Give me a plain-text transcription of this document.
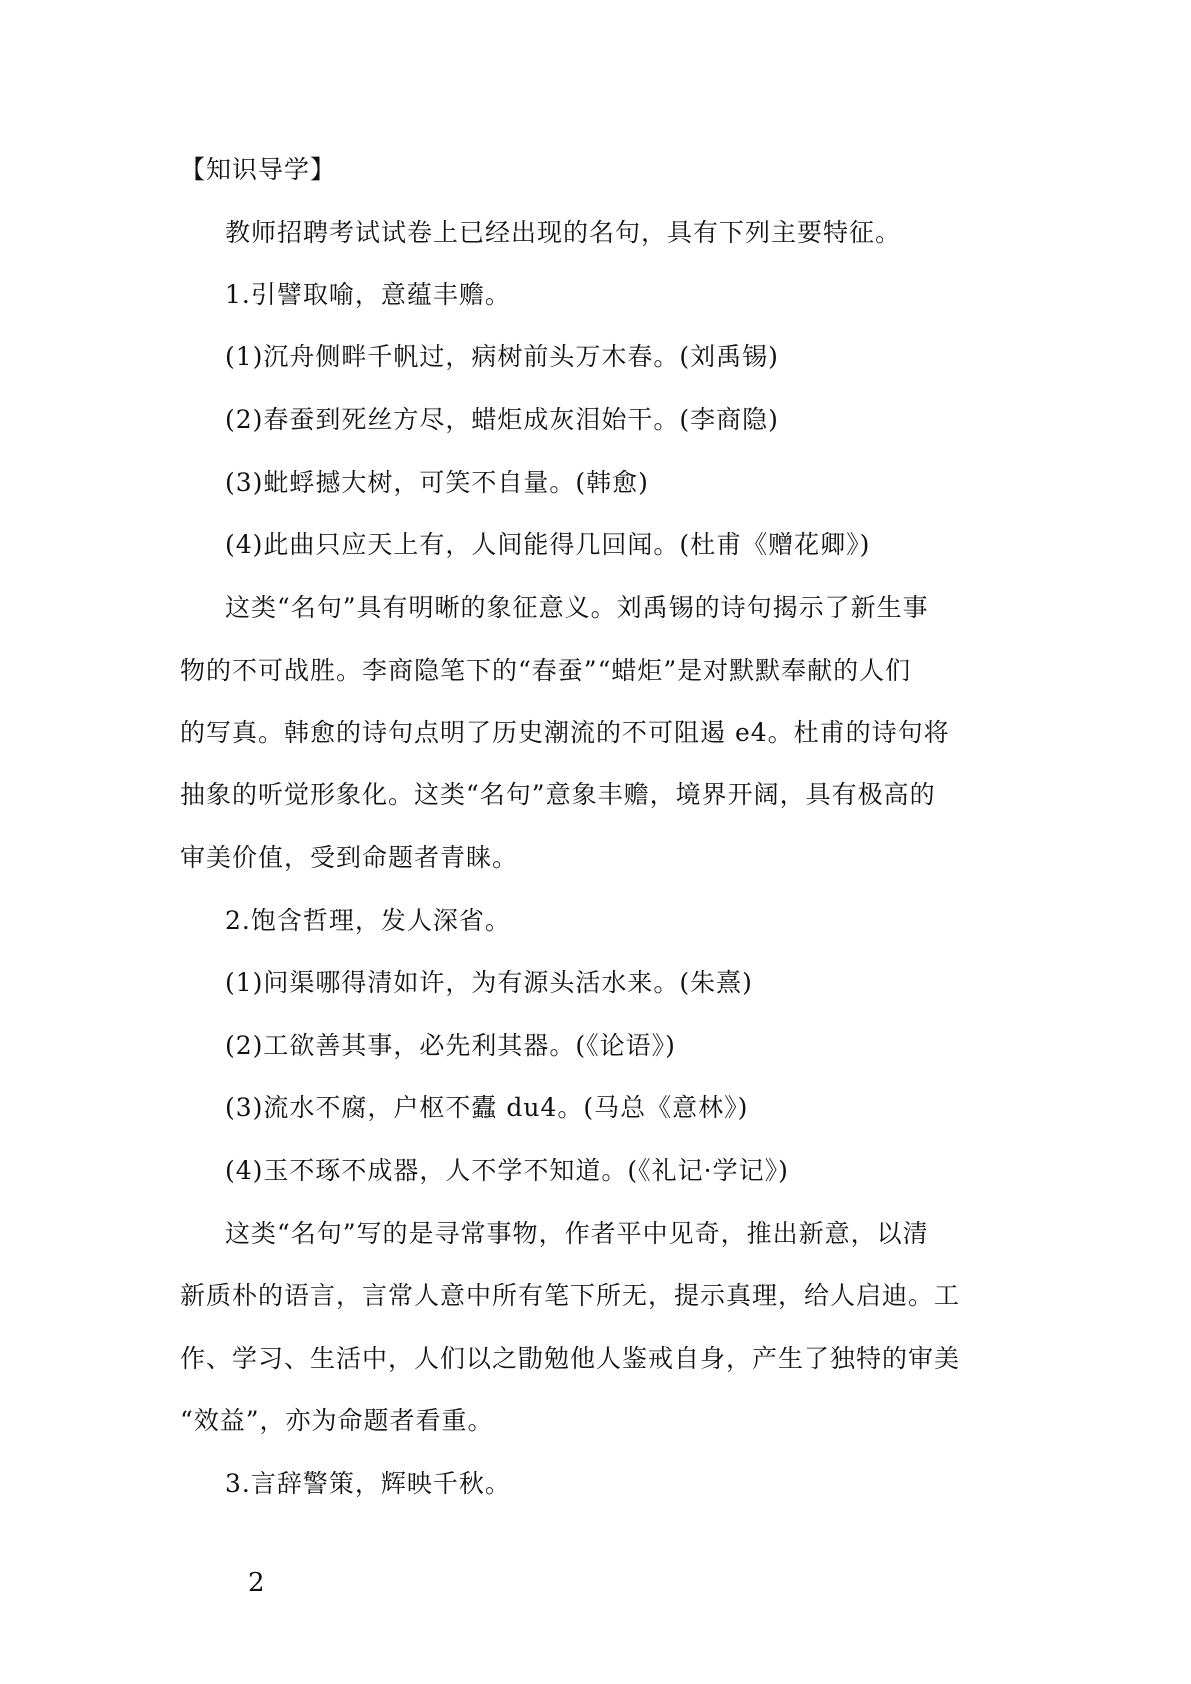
【知识导学】
教师招聘考试试卷上已经出现的名句，具有下列主要特征。
1.引譬取喻，意蕴丰赡。
(1)沉舟侧畔千帆过，病树前头万木春。(刘禹锡)
(2)春蚕到死丝方尽，蜡炬成灰泪始干。(李商隐)
(3)蚍蜉撼大树，可笑不自量。(韩愈)
(4)此曲只应天上有，人间能得几回闻。(杜甫《赠花卿》)
这类“名句”具有明晰的象征意义。刘禹锡的诗句揭示了新生事
物的不可战胜。李商隐笔下的“春蚕”“蜡炬”是对默默奉献的人们
的写真。韩愈的诗句点明了历史潮流的不可阻遏 e4。杜甫的诗句将
抽象的听觉形象化。这类“名句”意象丰赡，境界开阔，具有极高的
审美价值，受到命题者青睐。
2.饱含哲理，发人深省。
(1)问渠哪得清如许，为有源头活水来。(朱熹)
(2)工欲善其事，必先利其器。(《论语》)
(3)流水不腐，户枢不蠹 du4。(马总《意林》)
(4)玉不琢不成器，人不学不知道。(《礼记·学记》)
这类“名句”写的是寻常事物，作者平中见奇，推出新意，以清
新质朴的语言，言常人意中所有笔下所无，提示真理，给人启迪。工
作、学习、生活中，人们以之勖勉他人鉴戒自身，产生了独特的审美
“效益”，亦为命题者看重。
3.言辞警策，辉映千秋。
2
